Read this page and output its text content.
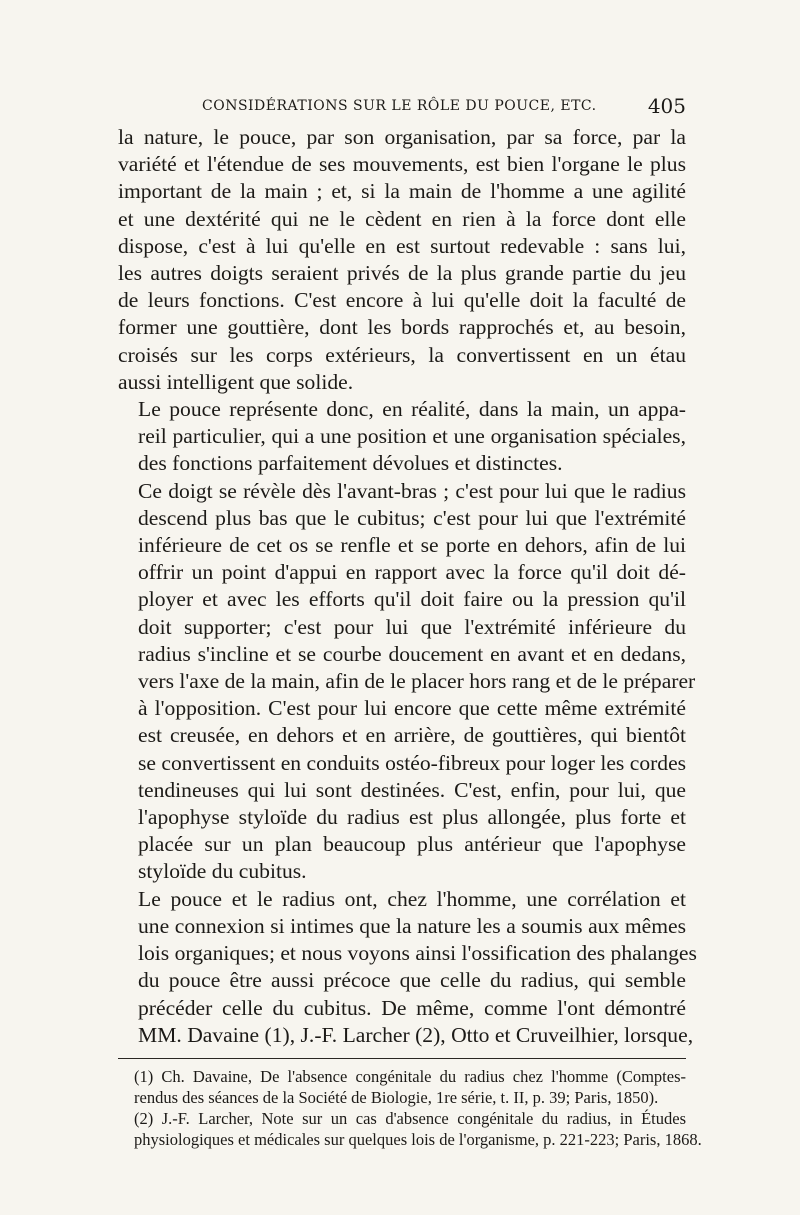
CONSIDÉRATIONS SUR LE RÔLE DU POUCE, ETC.	405

la nature, le pouce, par son organisation, par sa force, par la
variété et l'étendue de ses mouvements, est bien l'organe le plus
important de la main ; et, si la main de l'homme a une agilité
et une dextérité qui ne le cèdent en rien à la force dont elle
dispose, c'est à lui qu'elle en est surtout redevable : sans lui,
les autres doigts seraient privés de la plus grande partie du jeu
de leurs fonctions. C'est encore à lui qu'elle doit la faculté de
former une gouttière, dont les bords rapprochés et, au besoin,
croisés sur les corps extérieurs, la convertissent en un étau
aussi intelligent que solide.

Le pouce représente donc, en réalité, dans la main, un appa-
reil particulier, qui a une position et une organisation spéciales,
des fonctions parfaitement dévolues et distinctes.

Ce doigt se révèle dès l'avant-bras ; c'est pour lui que le radius
descend plus bas que le cubitus; c'est pour lui que l'extrémité
inférieure de cet os se renfle et se porte en dehors, afin de lui
offrir un point d'appui en rapport avec la force qu'il doit dé-
ployer et avec les efforts qu'il doit faire ou la pression qu'il
doit supporter; c'est pour lui que l'extrémité inférieure du
radius s'incline et se courbe doucement en avant et en dedans,
vers l'axe de la main, afin de le placer hors rang et de le préparer
à l'opposition. C'est pour lui encore que cette même extrémité
est creusée, en dehors et en arrière, de gouttières, qui bientôt
se convertissent en conduits ostéo-fibreux pour loger les cordes
tendineuses qui lui sont destinées. C'est, enfin, pour lui, que
l'apophyse styloïde du radius est plus allongée, plus forte et
placée sur un plan beaucoup plus antérieur que l'apophyse
styloïde du cubitus.

Le pouce et le radius ont, chez l'homme, une corrélation et
une connexion si intimes que la nature les a soumis aux mêmes
lois organiques; et nous voyons ainsi l'ossification des phalanges
du pouce être aussi précoce que celle du radius, qui semble
précéder celle du cubitus. De même, comme l'ont démontré
MM. Davaine (1), J.-F. Larcher (2), Otto et Cruveilhier, lorsque,

(1) Ch. Davaine, De l'absence congénitale du radius chez l'homme (Comptes-
rendus des séances de la Société de Biologie, 1re série, t. II, p. 39; Paris, 1850).

(2) J.-F. Larcher, Note sur un cas d'absence congénitale du radius, in Études
physiologiques et médicales sur quelques lois de l'organisme, p. 221-223; Paris, 1868.
